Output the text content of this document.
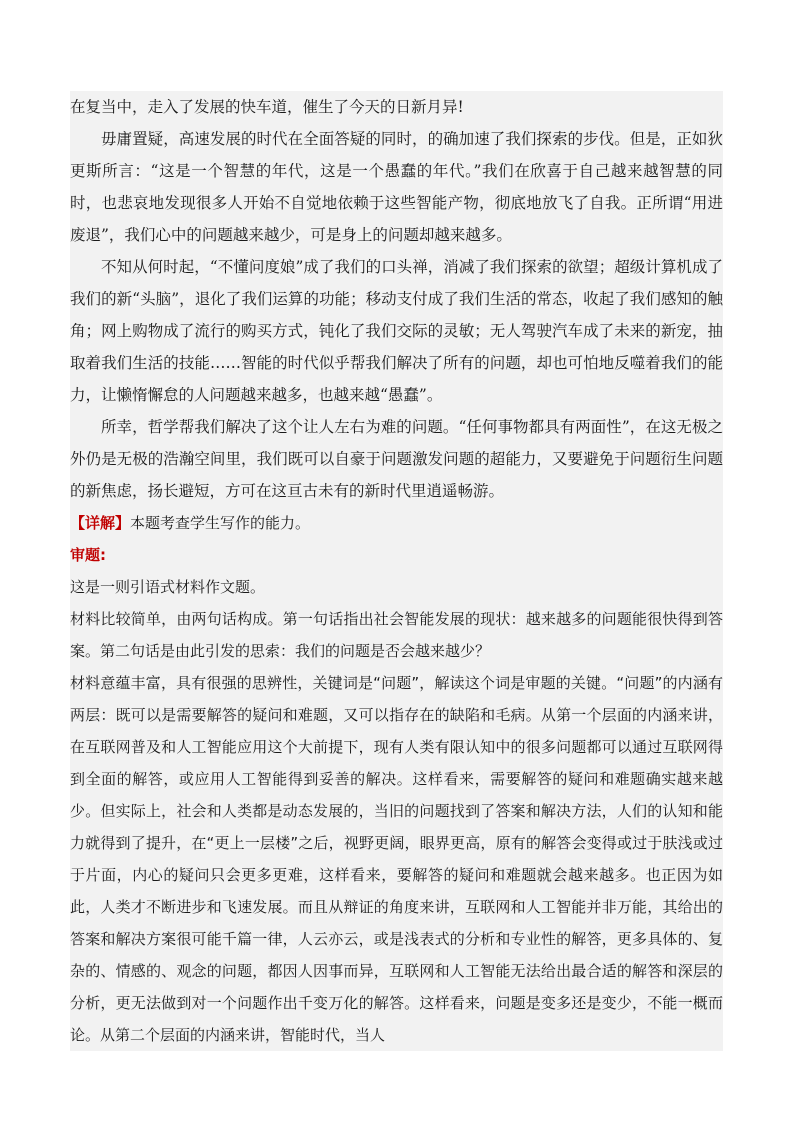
在复当中，走入了发展的快车道，催生了今天的日新月异!

毋庸置疑，高速发展的时代在全面答疑的同时，的确加速了我们探索的步伐。但是，正如狄更斯所言：“这是一个智慧的年代，这是一个愚蠢的年代。”我们在欣喜于自己越来越智慧的同时，也悲哀地发现很多人开始不自觉地依赖于这些智能产物，彻底地放飞了自我。正所谓“用进废退”，我们心中的问题越来越少，可是身上的问题却越来越多。

不知从何时起，“不懂问度娘”成了我们的口头禅，消减了我们探索的欲望；超级计算机成了我们的新“头脑”，退化了我们运算的功能；移动支付成了我们生活的常态，收起了我们感知的触角；网上购物成了流行的购买方式，钝化了我们交际的灵敏；无人驾驶汽车成了未来的新宠，抽取着我们生活的技能……智能的时代似乎帮我们解决了所有的问题，却也可怕地反噬着我们的能力，让懒惰懈怠的人问题越来越多，也越来越“愚蠢”。

所幸，哲学帮我们解决了这个让人左右为难的问题。“任何事物都具有两面性”，在这无极之外仍是无极的浩瀚空间里，我们既可以自豪于问题激发问题的超能力，又要避免于问题衍生问题的新焦虑，扬长避短，方可在这亘古未有的新时代里逍遥畅游。

【详解】本题考查学生写作的能力。

审题:

这是一则引语式材料作文题。

材料比较简单，由两句话构成。第一句话指出社会智能发展的现状：越来越多的问题能很快得到答案。第二句话是由此引发的思索：我们的问题是否会越来越少？

材料意蕴丰富，具有很强的思辨性，关键词是“问题”，解读这个词是审题的关键。“问题”的内涵有两层：既可以是需要解答的疑问和难题，又可以指存在的缺陷和毛病。从第一个层面的内涵来讲，在互联网普及和人工智能应用这个大前提下，现有人类有限认知中的很多问题都可以通过互联网得到全面的解答，或应用人工智能得到妥善的解决。这样看来，需要解答的疑问和难题确实越来越少。但实际上，社会和人类都是动态发展的，当旧的问题找到了答案和解决方法，人们的认知和能力就得到了提升，在“更上一层楼”之后，视野更阔，眼界更高，原有的解答会变得或过于肤浅或过于片面，内心的疑问只会更多更难，这样看来，要解答的疑问和难题就会越来越多。也正因为如此，人类才不断进步和飞速发展。而且从辩证的角度来讲，互联网和人工智能并非万能，其给出的答案和解决方案很可能千篇一律，人云亦云，或是浅表式的分析和专业性的解答，更多具体的、复杂的、情感的、观念的问题，都因人因事而异，互联网和人工智能无法给出最合适的解答和深层的分析，更无法做到对一个问题作出千变万化的解答。这样看来，问题是变多还是变少，不能一概而论。从第二个层面的内涵来讲，智能时代，当人
